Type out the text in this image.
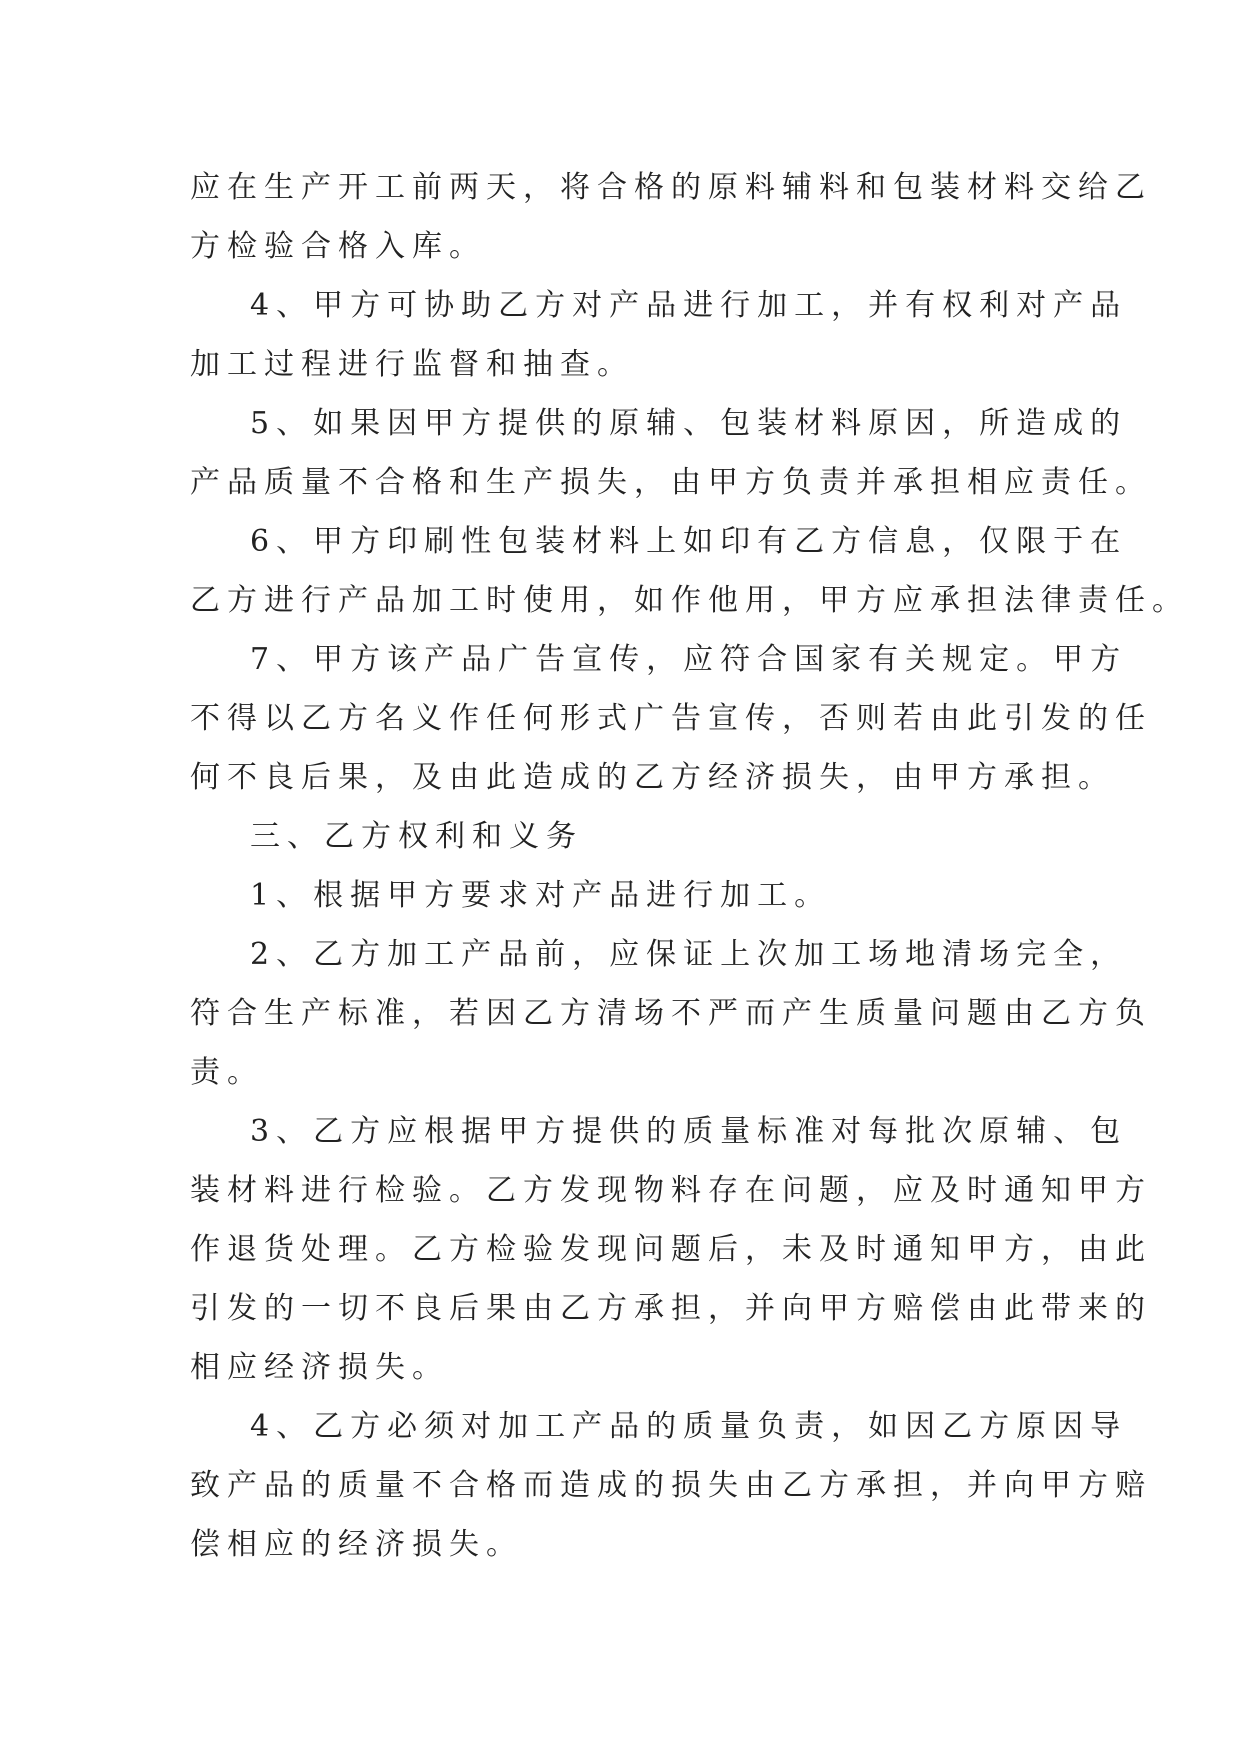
应在生产开工前两天，将合格的原料辅料和包装材料交给乙
方检验合格入库。

4、甲方可协助乙方对产品进行加工，并有权利对产品
加工过程进行监督和抽查。

5、如果因甲方提供的原辅、包装材料原因，所造成的
产品质量不合格和生产损失，由甲方负责并承担相应责任。

6、甲方印刷性包装材料上如印有乙方信息，仅限于在
乙方进行产品加工时使用，如作他用，甲方应承担法律责任。

7、甲方该产品广告宣传，应符合国家有关规定。甲方
不得以乙方名义作任何形式广告宣传，否则若由此引发的任
何不良后果，及由此造成的乙方经济损失，由甲方承担。

三、乙方权利和义务

1、根据甲方要求对产品进行加工。

2、乙方加工产品前，应保证上次加工场地清场完全，
符合生产标准，若因乙方清场不严而产生质量问题由乙方负
责。

3、乙方应根据甲方提供的质量标准对每批次原辅、包
装材料进行检验。乙方发现物料存在问题，应及时通知甲方
作退货处理。乙方检验发现问题后，未及时通知甲方，由此
引发的一切不良后果由乙方承担，并向甲方赔偿由此带来的
相应经济损失。

4、乙方必须对加工产品的质量负责，如因乙方原因导
致产品的质量不合格而造成的损失由乙方承担，并向甲方赔
偿相应的经济损失。
